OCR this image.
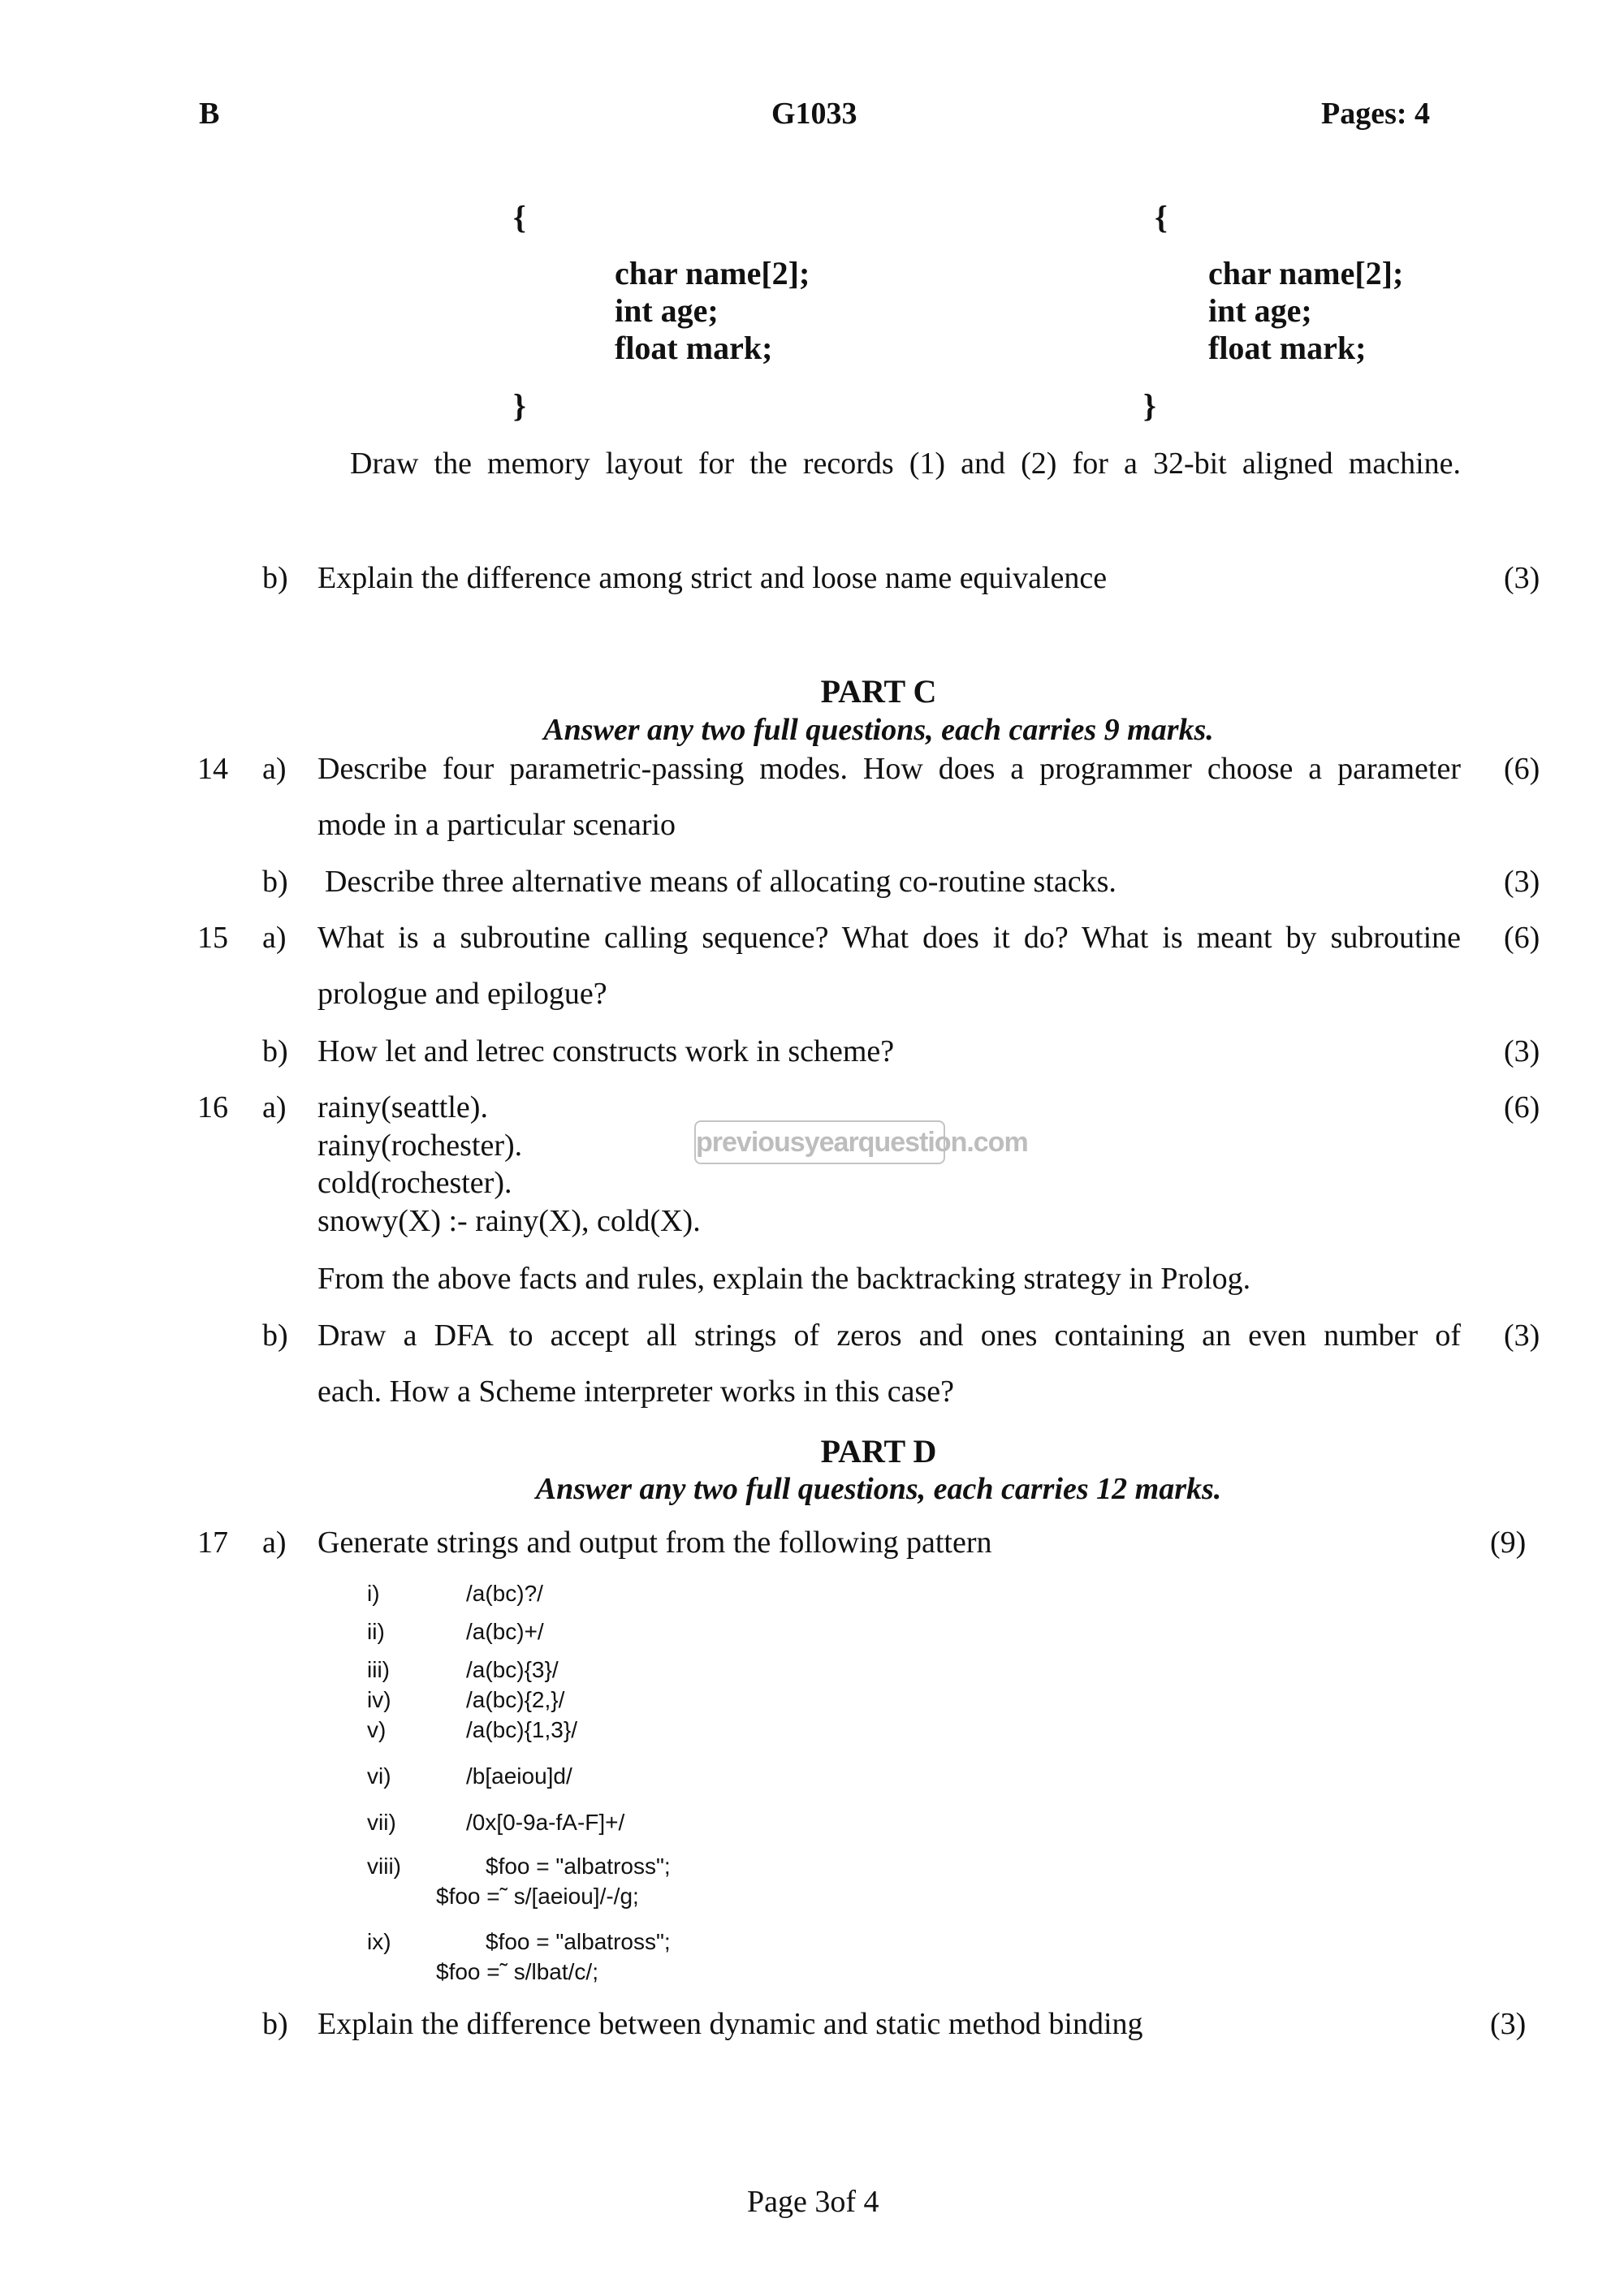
B	G1033	Pages: 4
{
char name[2];
int age;
float mark;
}
{
char name[2];
int age;
float mark;
}
Draw the memory layout for the records (1) and (2) for a 32-bit aligned machine.
b) Explain the difference among strict and loose name equivalence	(3)
PART C
Answer any two full questions, each carries 9 marks.
14 a) Describe four parametric-passing modes. How does a programmer choose a parameter (6)
mode in a particular scenario
b) Describe three alternative means of allocating co-routine stacks.	(3)
15 a) What is a subroutine calling sequence? What does it do? What is meant by subroutine (6)
prologue and epilogue?
b) How let and letrec constructs work in scheme?	(3)
16 a) rainy(seattle).
rainy(rochester).
cold(rochester).
snowy(X) :- rainy(X), cold(X).
(6)
From the above facts and rules, explain the backtracking strategy in Prolog.
previousyearquestion.com
b) Draw a DFA to accept all strings of zeros and ones containing an even number of (3)
each. How a Scheme interpreter works in this case?
PART D
Answer any two full questions, each carries 12 marks.
17 a) Generate strings and output from the following pattern	(9)
i)	/a(bc)?/
ii)	/a(bc)+/
iii)	/a(bc){3}/
iv)	/a(bc){2,}/
v)	/a(bc){1,3}/
vi)	/b[aeiou]d/
vii)	/0x[0-9a-fA-F]+/
viii)	$foo = "albatross";
$foo =˜ s/[aeiou]/-/g;
ix)	$foo = "albatross";
$foo =˜ s/lbat/c/;
b) Explain the difference between dynamic and static method binding	(3)
Page 3of 4
